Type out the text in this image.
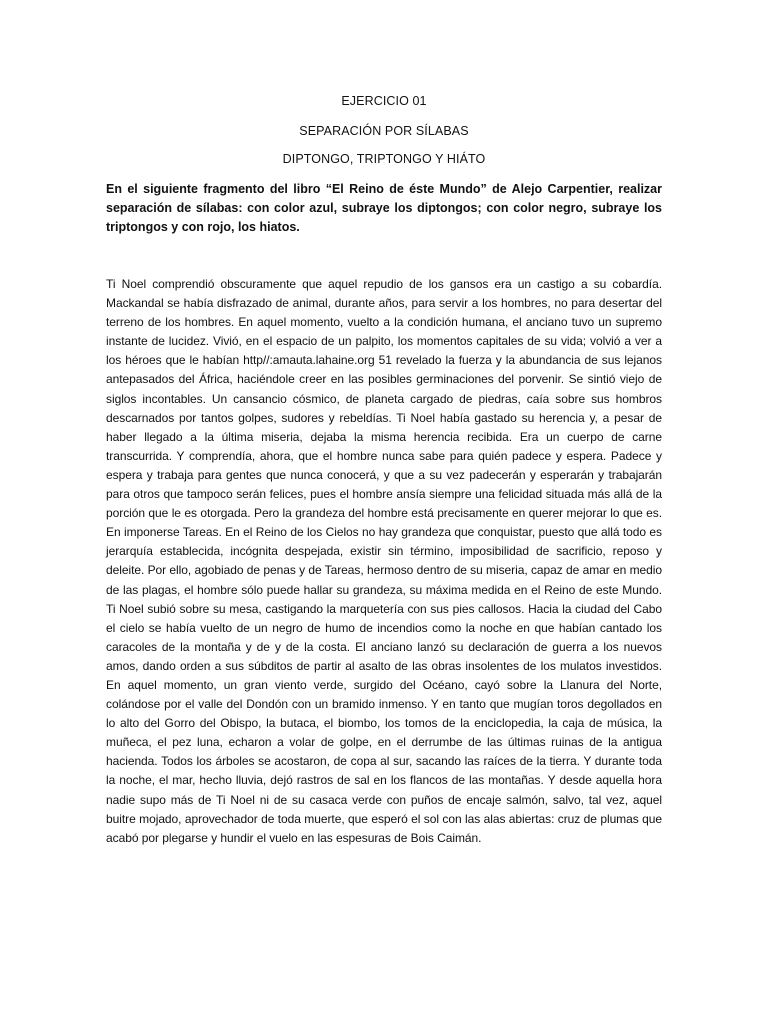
EJERCICIO 01

SEPARACIÓN POR SÍLABAS

DIPTONGO, TRIPTONGO Y HIÁTO

En el siguiente fragmento del libro “El Reino de éste Mundo” de Alejo Carpentier, realizar separación de sílabas: con color azul, subraye los diptongos; con color negro, subraye los triptongos y con rojo, los hiatos.

Ti Noel comprendió obscuramente que aquel repudio de los gansos era un castigo a su cobardía. Mackandal se había disfrazado de animal, durante años, para servir a los hombres, no para desertar del terreno de los hombres. En aquel momento, vuelto a la condición humana, el anciano tuvo un supremo instante de lucidez. Vivió, en el espacio de un palpito, los momentos capitales de su vida; volvió a ver a los héroes que le habían http//:amauta.lahaine.org 51 revelado la fuerza y la abundancia de sus lejanos antepasados del África, haciéndole creer en las posibles germinaciones del porvenir. Se sintió viejo de siglos incontables. Un cansancio cósmico, de planeta cargado de piedras, caía sobre sus hombros descarnados por tantos golpes, sudores y rebeldías. Ti Noel había gastado su herencia y, a pesar de haber llegado a la última miseria, dejaba la misma herencia recibida. Era un cuerpo de carne transcurrida. Y comprendía, ahora, que el hombre nunca sabe para quién padece y espera. Padece y espera y trabaja para gentes que nunca conocerá, y que a su vez padecerán y esperarán y trabajarán para otros que tampoco serán felices, pues el hombre ansía siempre una felicidad situada más allá de la porción que le es otorgada. Pero la grandeza del hombre está precisamente en querer mejorar lo que es. En imponerse Tareas. En el Reino de los Cielos no hay grandeza que conquistar, puesto que allá todo es jerarquía establecida, incógnita despejada, existir sin término, imposibilidad de sacrificio, reposo y deleite. Por ello, agobiado de penas y de Tareas, hermoso dentro de su miseria, capaz de amar en medio de las plagas, el hombre sólo puede hallar su grandeza, su máxima medida en el Reino de este Mundo. Ti Noel subió sobre su mesa, castigando la marquetería con sus pies callosos. Hacia la ciudad del Cabo el cielo se había vuelto de un negro de humo de incendios como la noche en que habían cantado los caracoles de la montaña y de y de la costa. El anciano lanzó su declaración de guerra a los nuevos amos, dando orden a sus súbditos de partir al asalto de las obras insolentes de los mulatos investidos. En aquel momento, un gran viento verde, surgido del Océano, cayó sobre la Llanura del Norte, colándose por el valle del Dondón con un bramido inmenso. Y en tanto que mugían toros degollados en lo alto del Gorro del Obispo, la butaca, el biombo, los tomos de la enciclopedia, la caja de música, la muñeca, el pez luna, echaron a volar de golpe, en el derrumbe de las últimas ruinas de la antigua hacienda. Todos los árboles se acostaron, de copa al sur, sacando las raíces de la tierra. Y durante toda la noche, el mar, hecho lluvia, dejó rastros de sal en los flancos de las montañas. Y desde aquella hora nadie supo más de Ti Noel ni de su casaca verde con puños de encaje salmón, salvo, tal vez, aquel buitre mojado, aprovechador de toda muerte, que esperó el sol con las alas abiertas: cruz de plumas que acabó por plegarse y hundir el vuelo en las espesuras de Bois Caimán.
